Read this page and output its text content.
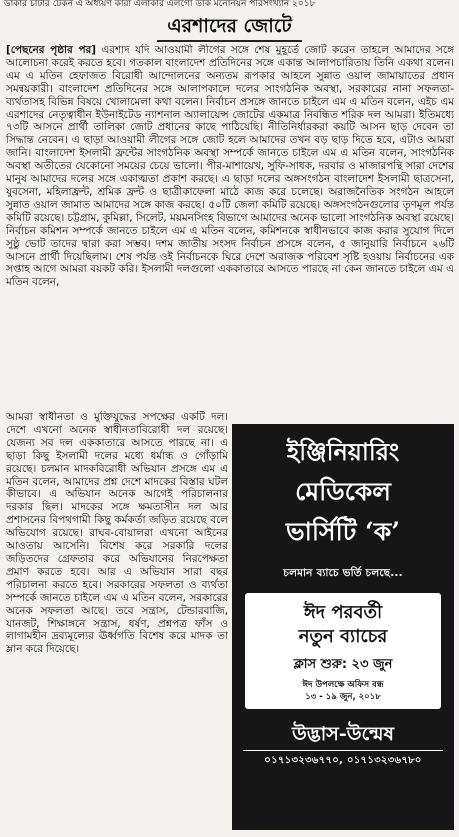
ডাকার চার্টার টেকন এ অধ্যয়ণ কারা এলাকার এলগো ডাক মনোনয়ন পরিসংখ্যান ২০১৮
এরশাদের জোটে
[পেছনের পৃষ্ঠার পর] এরশাদ যদি আওয়ামী লীগের সঙ্গে শেষ মুহূর্তে জোট করেন তাহলে আমাদের সঙ্গে আলোচনা করেই করতে হবে। গতকাল বাংলাদেশ প্রতিদিনের সঙ্গে একান্ত আলাপচারিতায় তিনি একথা বলেন। এম এ মতিন হেফাজত বিরোধী আন্দোলনের অন্যতম রূপকার আহলে সুন্নাত ওয়াল জামায়াতের প্রধান সমন্বয়কারী। বাংলাদেশ প্রতিদিনের সঙ্গে আলাপকালে দলের সাংগঠনিক অবস্থা, সরকারের নানা সফলতা-ব্যর্থতাসহ বিভিন্ন বিষয়ে খোলামেলা কথা বলেন। নির্বাচন প্রসঙ্গে জানতে চাইলে এম এ মতিন বলেন, এইচ এম এরশাদের নেতৃত্বাধীন ইউনাইটেড ন্যাশনাল অ্যালায়েন্স জোটের একমাত্র নিবন্ধিত শরিক দল আমরা। ইতিমধ্যে ৭৩টি আসনে প্রার্থী তালিকা জোট প্রধানের কাছে পাঠিয়েছি। নীতিনির্ধারকরা কয়টি আসন ছাড় দেবেন তা সিদ্ধান্ত নেবেন। এ ছাড়া আওয়ামী লীগের সঙ্গে জোট হলে আমাদের তখন বড় ছাড় দিতে হবে, এটাও আমরা জানি। বাংলাদেশ ইসলামী ফ্রন্টের সাংগঠনিক অবস্থা সম্পর্কে জানতে চাইলে এম এ মতিন বলেন, সাংগঠনিক অবস্থা অতীতের যেকোনো সময়ের চেয়ে ভালো। পীর-মাশায়েখ, সুফি-সাধক, দরবার ও মাজারপন্থি সারা দেশের মানুষ আমাদের দলের সঙ্গে একাত্মতা প্রকাশ করছে। এ ছাড়া দলের অঙ্গসংগঠন বাংলাদেশ ইসলামী ছাত্রসেনা, যুবসেনা, মহিলাফ্রন্ট, শ্রমিক ফ্রন্ট ও ছাত্রীকাফেলা মাঠে কাজ করে চলেছে। অরাজনৈতিক সংগঠন আহলে সুন্নাত ওয়াল জামাত আমাদের সঙ্গে কাজ করছে। ৫০টি জেলা কমিটি রয়েছে। অঙ্গসংগঠনগুলোর তৃণমূল পর্যন্ত কমিটি রয়েছে। চট্টগ্রাম, কুমিল্লা, সিলেট, ময়মনসিংহ বিভাগে আমাদের অনেক ভালো সাংগঠনিক অবস্থা রয়েছে। নির্বাচন কমিশন সম্পর্কে জানতে চাইলে এম এ মতিন বলেন, কমিশনকে স্বাধীনভাবে কাজ করার সুযোগ দিলে সুষ্ঠু ভোট তাদের দ্বারা করা সম্ভব। দশম জাতীয় সংসদ নির্বাচন প্রসঙ্গে বলেন, ৫ জানুয়ারি নির্বাচনে ২৬টি আসনে প্রার্থী দিয়েছিলাম। শেষ পর্যন্ত ওই নির্বাচনকে ঘিরে দেশে অরাজক পরিবেশ সৃষ্টি হওয়ায় নির্বাচনের এক সপ্তাহ আগে আমরা বয়কট করি। ইসলামী দলগুলো এককাতারে আসতে পারছে না কেন জানতে চাইলে এম এ মতিন বলেন,
আমরা স্বাধীনতা ও মুক্তিযুদ্ধের সপক্ষের একটি দল। দেশে এখনো অনেক স্বাধীনতাবিরোধী দল রয়েছে। যেজন্য সব দল এককাতারে আসতে পারছে না। এ ছাড়া কিছু ইসলামী দলের মধ্যে ধর্মান্ধ ও গোঁড়ামি রয়েছে। চলমান মাদকবিরোধী অভিযান প্রসঙ্গে এম এ মতিন বলেন, আমাদের প্রশ্ন দেশে মাদকের বিস্তার ঘটল কীভাবে। এ অভিযান অনেক আগেই পরিচালনার দরকার ছিল। মাদকের সঙ্গে ক্ষমতাসীন দল আর প্রশাসনের বিপথগামী কিছু কর্মকর্তা জড়িত রয়েছে বলে অভিযোগ রয়েছে। রাঘব-বোয়ালরা এখনো আইনের আওতায় আসেনি। বিশেষ করে সরকারি দলের জড়িতদের গ্রেফতার করে অভিযানের নিরপেক্ষতা প্রমাণ করতে হবে। আর এ অভিযান সারা বছর পরিচালনা করতে হবে। সরকারের সফলতা ও ব্যর্থতা সম্পর্কে জানতে চাইলে এম এ মতিন বলেন, সরকারের অনেক সফলতা আছে। তবে সন্ত্রাস, টেন্ডারবাজি, যানজট, শিক্ষাঙ্গনে সন্ত্রাস, ধর্ষণ, প্রশ্নপত্র ফাঁস ও লাগামহীন দ্রব্যমূল্যের ঊর্ধ্বগতি বিশেষ করে মাদক তা ম্লান করে দিয়েছে।
ইঞ্জিনিয়ারিং
মেডিকেল
ভার্সিটি ‘ক’
চলমান ব্যাচে ভর্তি চলছে...
ঈদ পরবর্তী
নতুন ব্যাচের
ক্লাস শুরু: ২৩ জুন
ঈদ উপলক্ষে অফিস বন্ধ
১৩ - ১৯ জুন, ২০১৮
উদ্ভাস-উন্মেষ
০১৭১৩২৩৬৭৭০, ০১৭১৩২৩৬৭৮০
